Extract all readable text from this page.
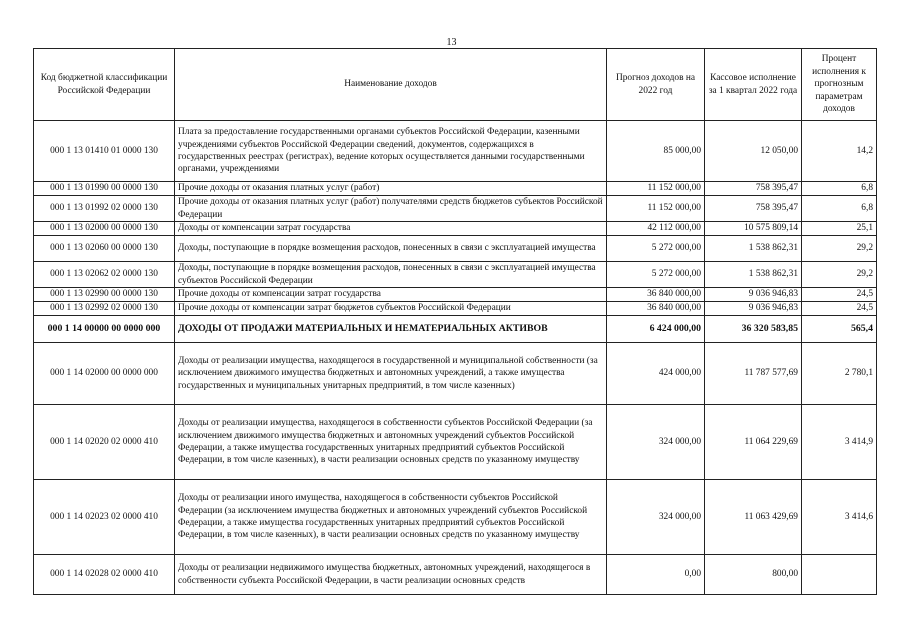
13
Код бюджетной классификации Российской Федерации	Наименование доходов	Прогноз доходов на 2022 год	Кассовое исполнение за 1 квартал 2022 года	Процент исполнения к прогнозным параметрам доходов
000 1 13 01410 01 0000 130	Плата за предоставление государственными органами субъектов Российской Федерации, казенными учреждениями субъектов Российской Федерации сведений, документов, содержащихся в государственных реестрах (регистрах), ведение которых осуществляется данными государственными органами, учреждениями	85 000,00	12 050,00	14,2
000 1 13 01990 00 0000 130	Прочие доходы от оказания платных услуг (работ)	11 152 000,00	758 395,47	6,8
000 1 13 01992 02 0000 130	Прочие доходы от оказания платных услуг (работ) получателями средств бюджетов субъектов Российской Федерации	11 152 000,00	758 395,47	6,8
000 1 13 02000 00 0000 130	Доходы от компенсации затрат государства	42 112 000,00	10 575 809,14	25,1
000 1 13 02060 00 0000 130	Доходы, поступающие в порядке возмещения расходов, понесенных в связи с эксплуатацией имущества	5 272 000,00	1 538 862,31	29,2
000 1 13 02062 02 0000 130	Доходы, поступающие в порядке возмещения расходов, понесенных в связи с эксплуатацией имущества субъектов Российской Федерации	5 272 000,00	1 538 862,31	29,2
000 1 13 02990 00 0000 130	Прочие доходы от компенсации затрат государства	36 840 000,00	9 036 946,83	24,5
000 1 13 02992 02 0000 130	Прочие доходы от компенсации затрат бюджетов субъектов Российской Федерации	36 840 000,00	9 036 946,83	24,5
000 1 14 00000 00 0000 000	ДОХОДЫ ОТ ПРОДАЖИ МАТЕРИАЛЬНЫХ И НЕМАТЕРИАЛЬНЫХ АКТИВОВ	6 424 000,00	36 320 583,85	565,4
000 1 14 02000 00 0000 000	Доходы от реализации имущества, находящегося в государственной и муниципальной собственности (за исключением движимого имущества бюджетных и автономных учреждений, а также имущества государственных и муниципальных унитарных предприятий, в том числе казенных)	424 000,00	11 787 577,69	2 780,1
000 1 14 02020 02 0000 410	Доходы от реализации имущества, находящегося в собственности субъектов Российской Федерации (за исключением движимого имущества бюджетных и автономных учреждений субъектов Российской Федерации, а также имущества государственных унитарных предприятий субъектов Российской Федерации, в том числе казенных), в части реализации основных средств по указанному имуществу	324 000,00	11 064 229,69	3 414,9
000 1 14 02023 02 0000 410	Доходы от реализации иного имущества, находящегося в собственности субъектов Российской Федерации (за исключением имущества бюджетных и автономных учреждений субъектов Российской Федерации, а также имущества государственных унитарных предприятий субъектов Российской Федерации, в том числе казенных), в части реализации основных средств по указанному имуществу	324 000,00	11 063 429,69	3 414,6
000 1 14 02028 02 0000 410	Доходы от реализации недвижимого имущества бюджетных, автономных учреждений, находящегося в собственности субъекта Российской Федерации, в части реализации основных средств	0,00	800,00	
